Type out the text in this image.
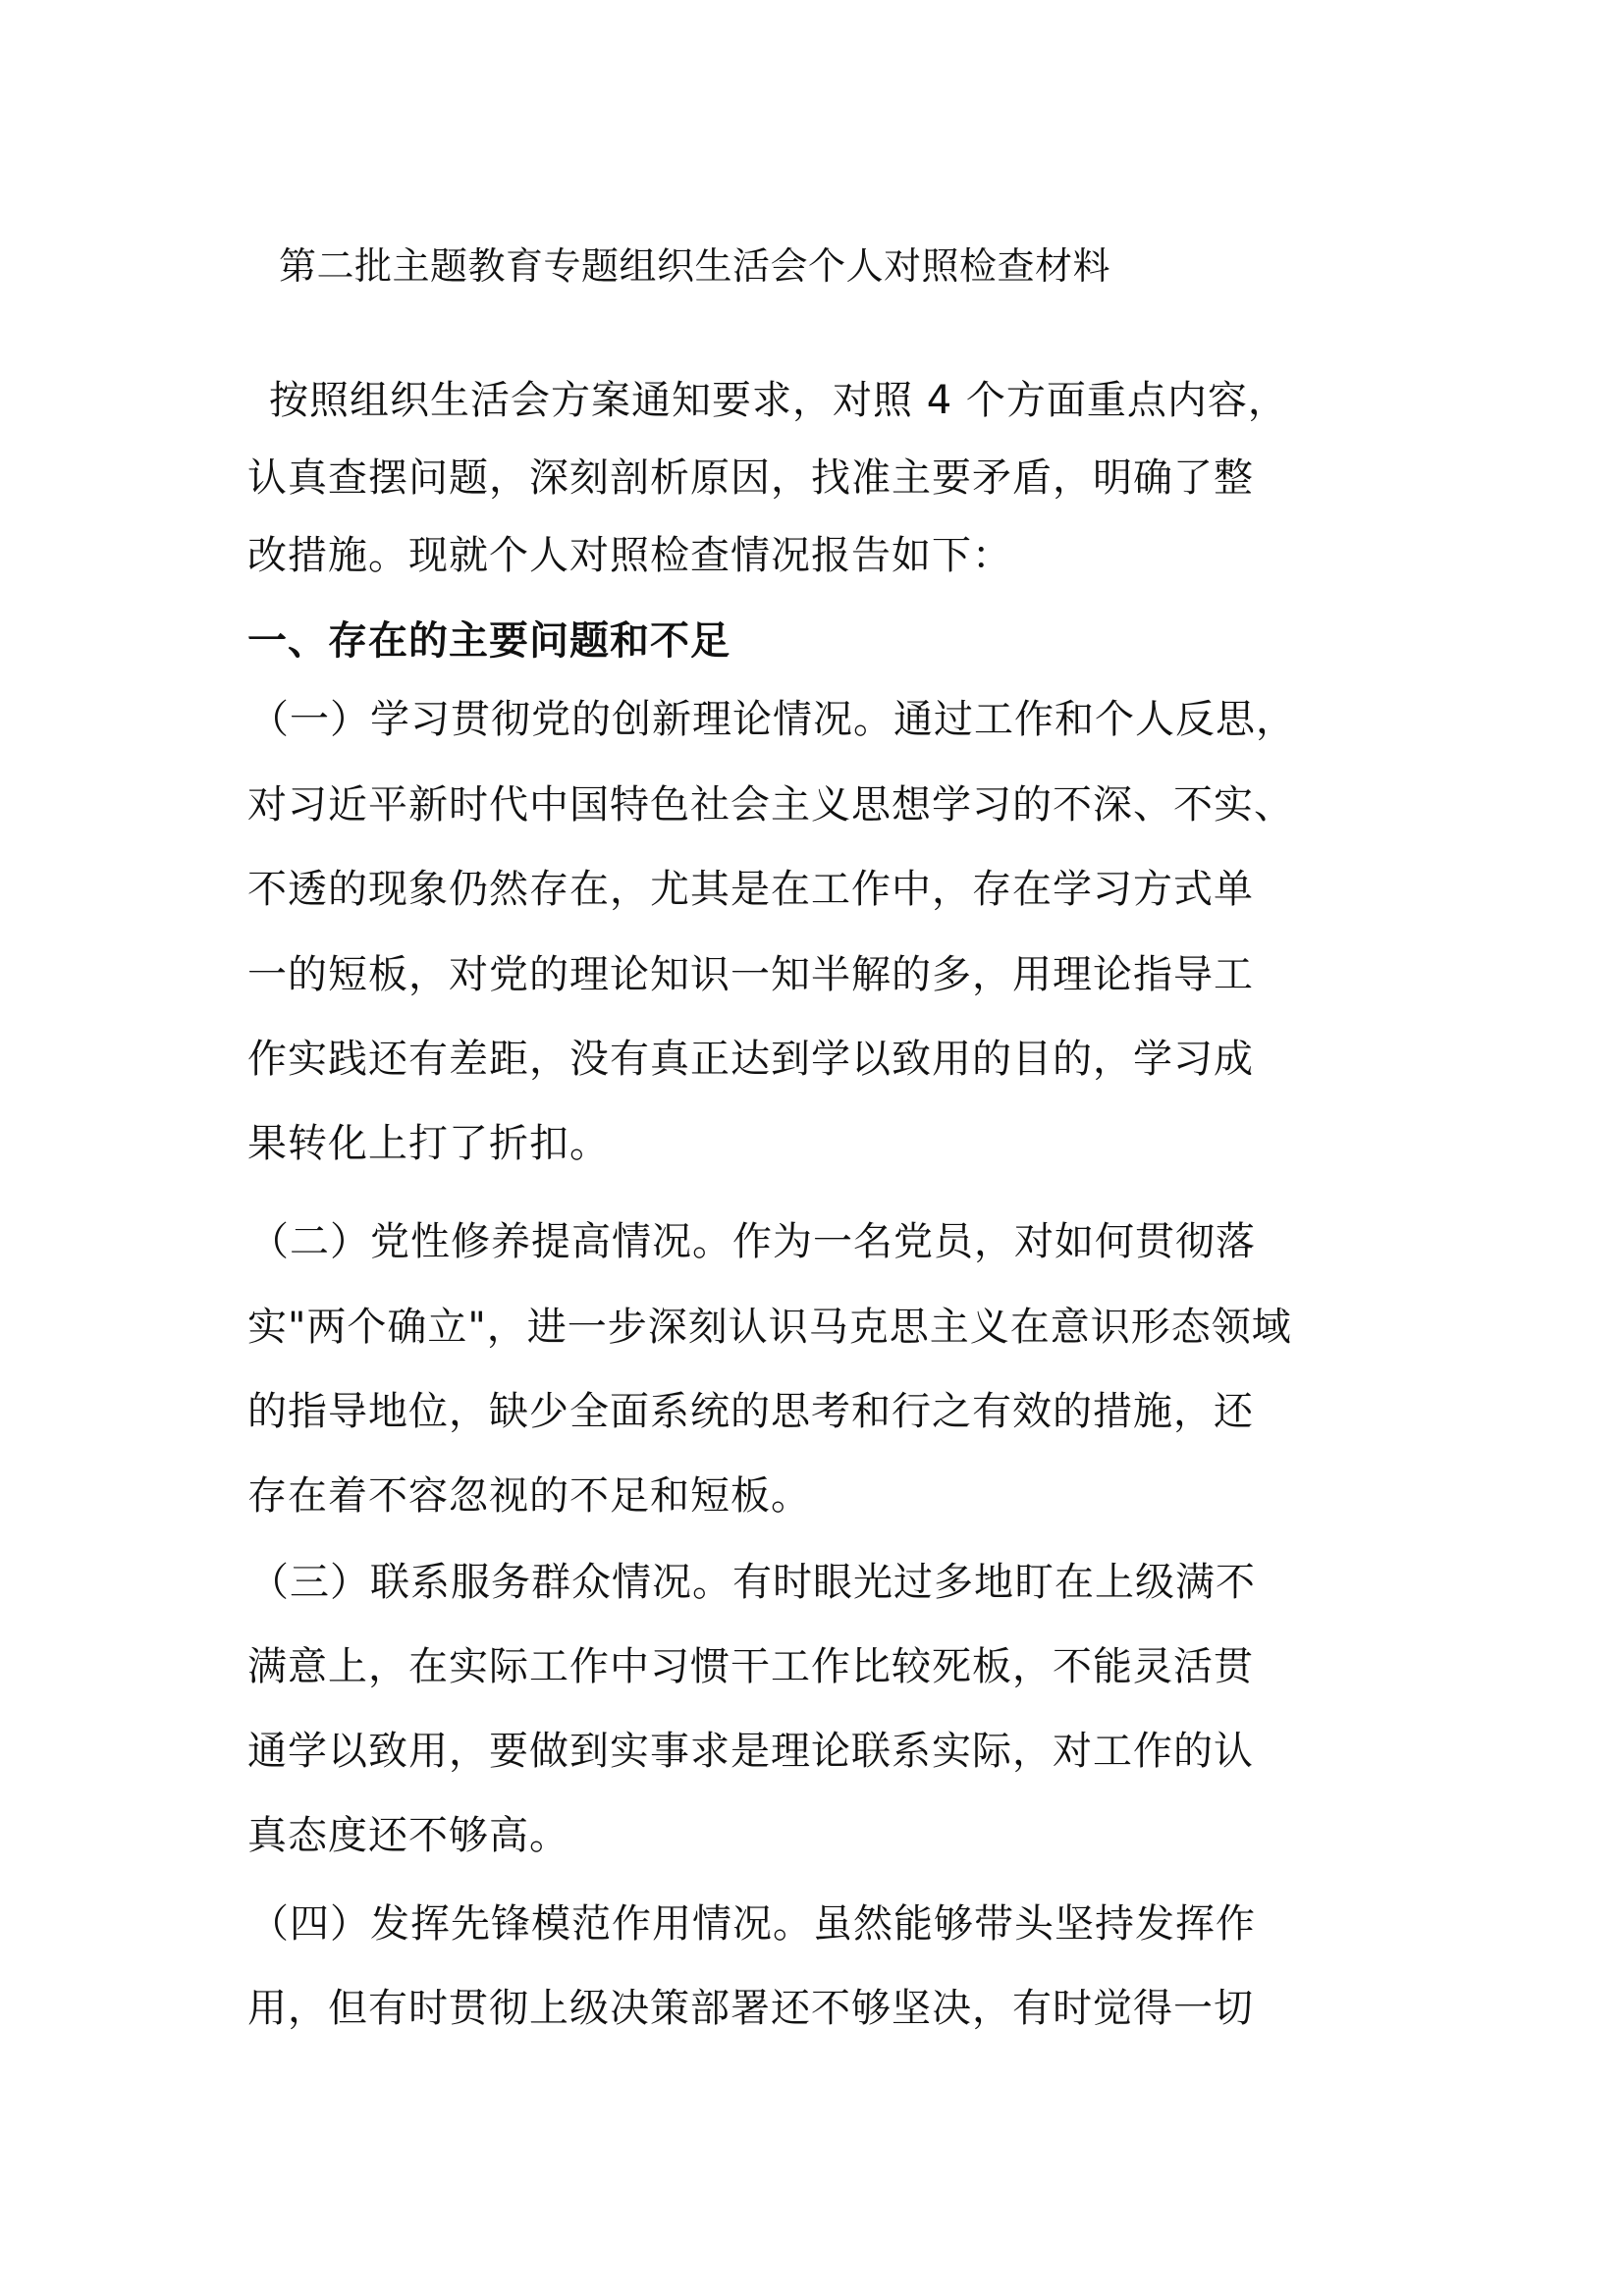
第二批主题教育专题组织生活会个人对照检查材料
按照组织生活会方案通知要求，对照 4 个方面重点内容，
认真查摆问题，深刻剖析原因，找准主要矛盾，明确了整
改措施。现就个人对照检查情况报告如下：
一、存在的主要问题和不足
（一）学习贯彻党的创新理论情况。通过工作和个人反思，
对习近平新时代中国特色社会主义思想学习的不深、不实、
不透的现象仍然存在，尤其是在工作中，存在学习方式单
一的短板，对党的理论知识一知半解的多，用理论指导工
作实践还有差距，没有真正达到学以致用的目的，学习成
果转化上打了折扣。
（二）党性修养提高情况。作为一名党员，对如何贯彻落
实"两个确立"，进一步深刻认识马克思主义在意识形态领域
的指导地位，缺少全面系统的思考和行之有效的措施，还
存在着不容忽视的不足和短板。
（三）联系服务群众情况。有时眼光过多地盯在上级满不
满意上，在实际工作中习惯干工作比较死板，不能灵活贯
通学以致用，要做到实事求是理论联系实际，对工作的认
真态度还不够高。
（四）发挥先锋模范作用情况。虽然能够带头坚持发挥作
用，但有时贯彻上级决策部署还不够坚决，有时觉得一切
